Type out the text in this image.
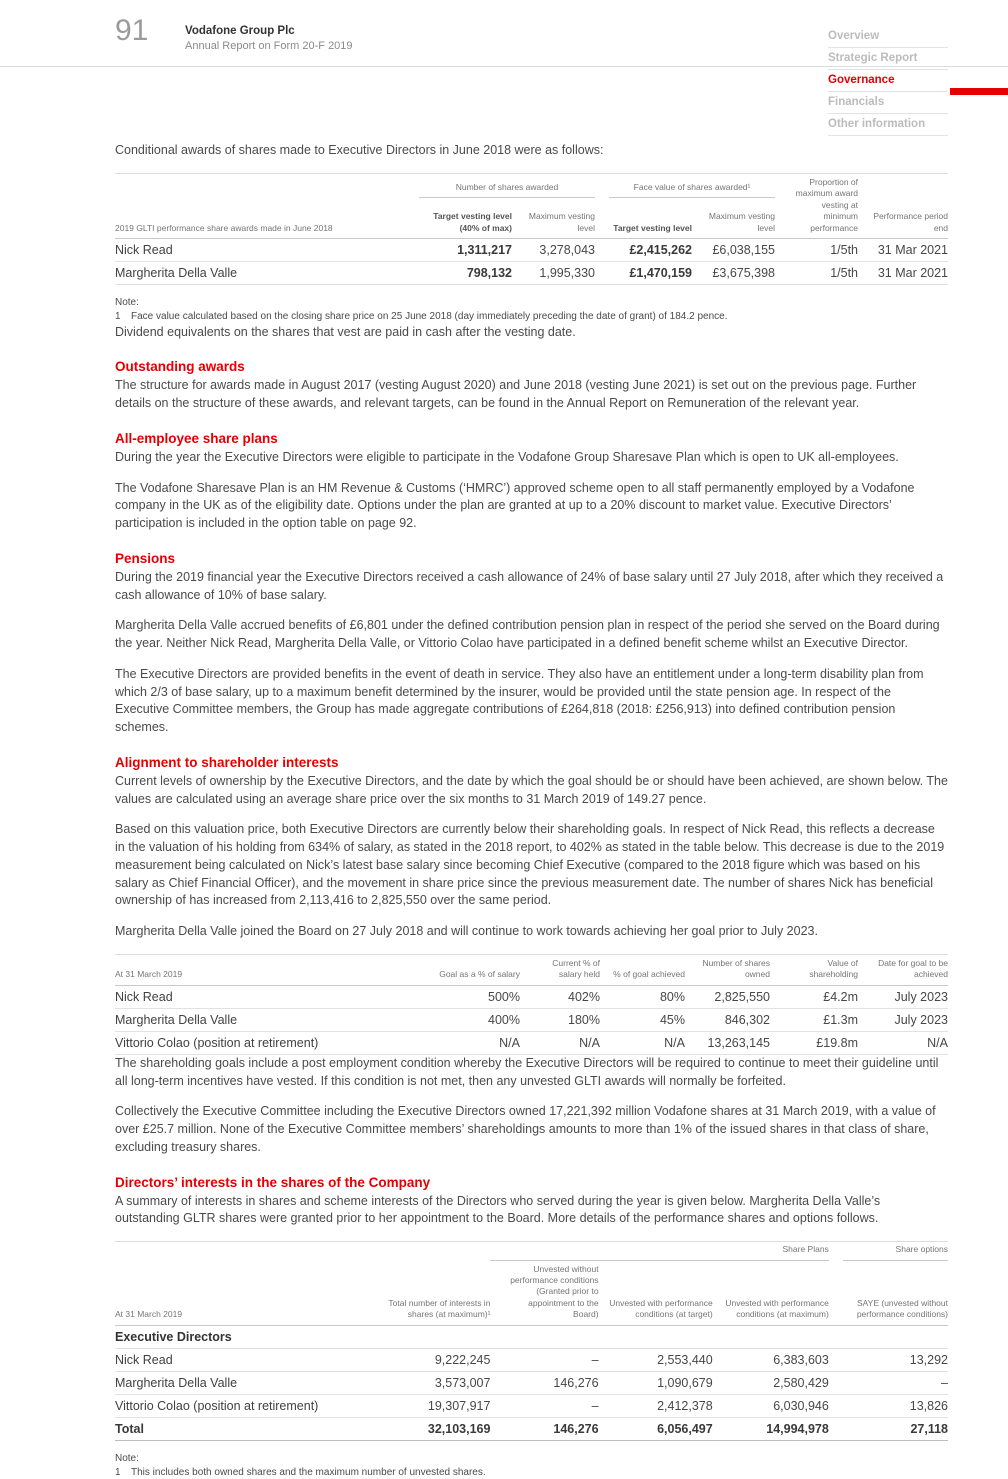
91	Vodafone Group Plc
Annual Report on Form 20-F 2019
Overview
Strategic Report
Governance
Financials
Other information

Conditional awards of shares made to Executive Directors in June 2018 were as follows:

	Number of shares awarded		Face value of shares awarded¹		Proportion of maximum award vesting at minimum performance	Performance period end
2019 GLTI performance share awards made in June 2018	Target vesting level (40% of max)	Maximum vesting level	Target vesting level	Maximum vesting level		
Nick Read	1,311,217	3,278,043	£2,415,262	£6,038,155	1/5th	31 Mar 2021
Margherita Della Valle	798,132	1,995,330	£1,470,159	£3,675,398	1/5th	31 Mar 2021
Note:
1	Face value calculated based on the closing share price on 25 June 2018 (day immediately preceding the date of grant) of 184.2 pence.

Dividend equivalents on the shares that vest are paid in cash after the vesting date.

Outstanding awards

The structure for awards made in August 2017 (vesting August 2020) and June 2018 (vesting June 2021) is set out on the previous page. Further details on the structure of these awards, and relevant targets, can be found in the Annual Report on Remuneration of the relevant year.

All-employee share plans

During the year the Executive Directors were eligible to participate in the Vodafone Group Sharesave Plan which is open to UK all-employees.

The Vodafone Sharesave Plan is an HM Revenue & Customs (‘HMRC’) approved scheme open to all staff permanently employed by a Vodafone company in the UK as of the eligibility date. Options under the plan are granted at up to a 20% discount to market value. Executive Directors’ participation is included in the option table on page 92.

Pensions

During the 2019 financial year the Executive Directors received a cash allowance of 24% of base salary until 27 July 2018, after which they received a cash allowance of 10% of base salary.

Margherita Della Valle accrued benefits of £6,801 under the defined contribution pension plan in respect of the period she served on the Board during the year. Neither Nick Read, Margherita Della Valle, or Vittorio Colao have participated in a defined benefit scheme whilst an Executive Director.

The Executive Directors are provided benefits in the event of death in service. They also have an entitlement under a long-term disability plan from which 2/3 of base salary, up to a maximum benefit determined by the insurer, would be provided until the state pension age. In respect of the Executive Committee members, the Group has made aggregate contributions of £264,818 (2018: £256,913) into defined contribution pension schemes.

Alignment to shareholder interests

Current levels of ownership by the Executive Directors, and the date by which the goal should be or should have been achieved, are shown below. The values are calculated using an average share price over the six months to 31 March 2019 of 149.27 pence.

Based on this valuation price, both Executive Directors are currently below their shareholding goals. In respect of Nick Read, this reflects a decrease in the valuation of his holding from 634% of salary, as stated in the 2018 report, to 402% as stated in the table below. This decrease is due to the 2019 measurement being calculated on Nick’s latest base salary since becoming Chief Executive (compared to the 2018 figure which was based on his salary as Chief Financial Officer), and the movement in share price since the previous measurement date. The number of shares Nick has beneficial ownership of has increased from 2,113,416 to 2,825,550 over the same period.

Margherita Della Valle joined the Board on 27 July 2018 and will continue to work towards achieving her goal prior to July 2023.

At 31 March 2019	Goal as a % of salary	Current % of salary held	% of goal achieved	Number of shares owned	Value of shareholding	Date for goal to be achieved
Nick Read	500%	402%	80%	2,825,550	£4.2m	July 2023
Margherita Della Valle	400%	180%	45%	846,302	£1.3m	July 2023
Vittorio Colao (position at retirement)	N/A	N/A	N/A	13,263,145	£19.8m	N/A

The shareholding goals include a post employment condition whereby the Executive Directors will be required to continue to meet their guideline until all long-term incentives have vested. If this condition is not met, then any unvested GLTI awards will normally be forfeited.

Collectively the Executive Committee including the Executive Directors owned 17,221,392 million Vodafone shares at 31 March 2019, with a value of over £25.7 million. None of the Executive Committee members’ shareholdings amounts to more than 1% of the issued shares in that class of share, excluding treasury shares.

Directors’ interests in the shares of the Company

A summary of interests in shares and scheme interests of the Directors who served during the year is given below. Margherita Della Valle’s outstanding GLTR shares were granted prior to her appointment to the Board. More details of the performance shares and options follows.

		Share Plans			Share options

At 31 March 2019	Total number of interests in shares (at maximum)¹	Unvested without performance conditions (Granted prior to appointment to the Board)	Unvested with performance conditions (at target)	Unvested with performance conditions (at maximum)	SAYE (unvested without performance conditions)
Executive Directors					
Nick Read	9,222,245	–	2,553,440	6,383,603	13,292
Margherita Della Valle	3,573,007	146,276	1,090,679	2,580,429	–
Vittorio Colao (position at retirement)	19,307,917	–	2,412,378	6,030,946	13,826
Total	32,103,169	146,276	6,056,497	14,994,978	27,118
Note:
1	This includes both owned shares and the maximum number of unvested shares.
